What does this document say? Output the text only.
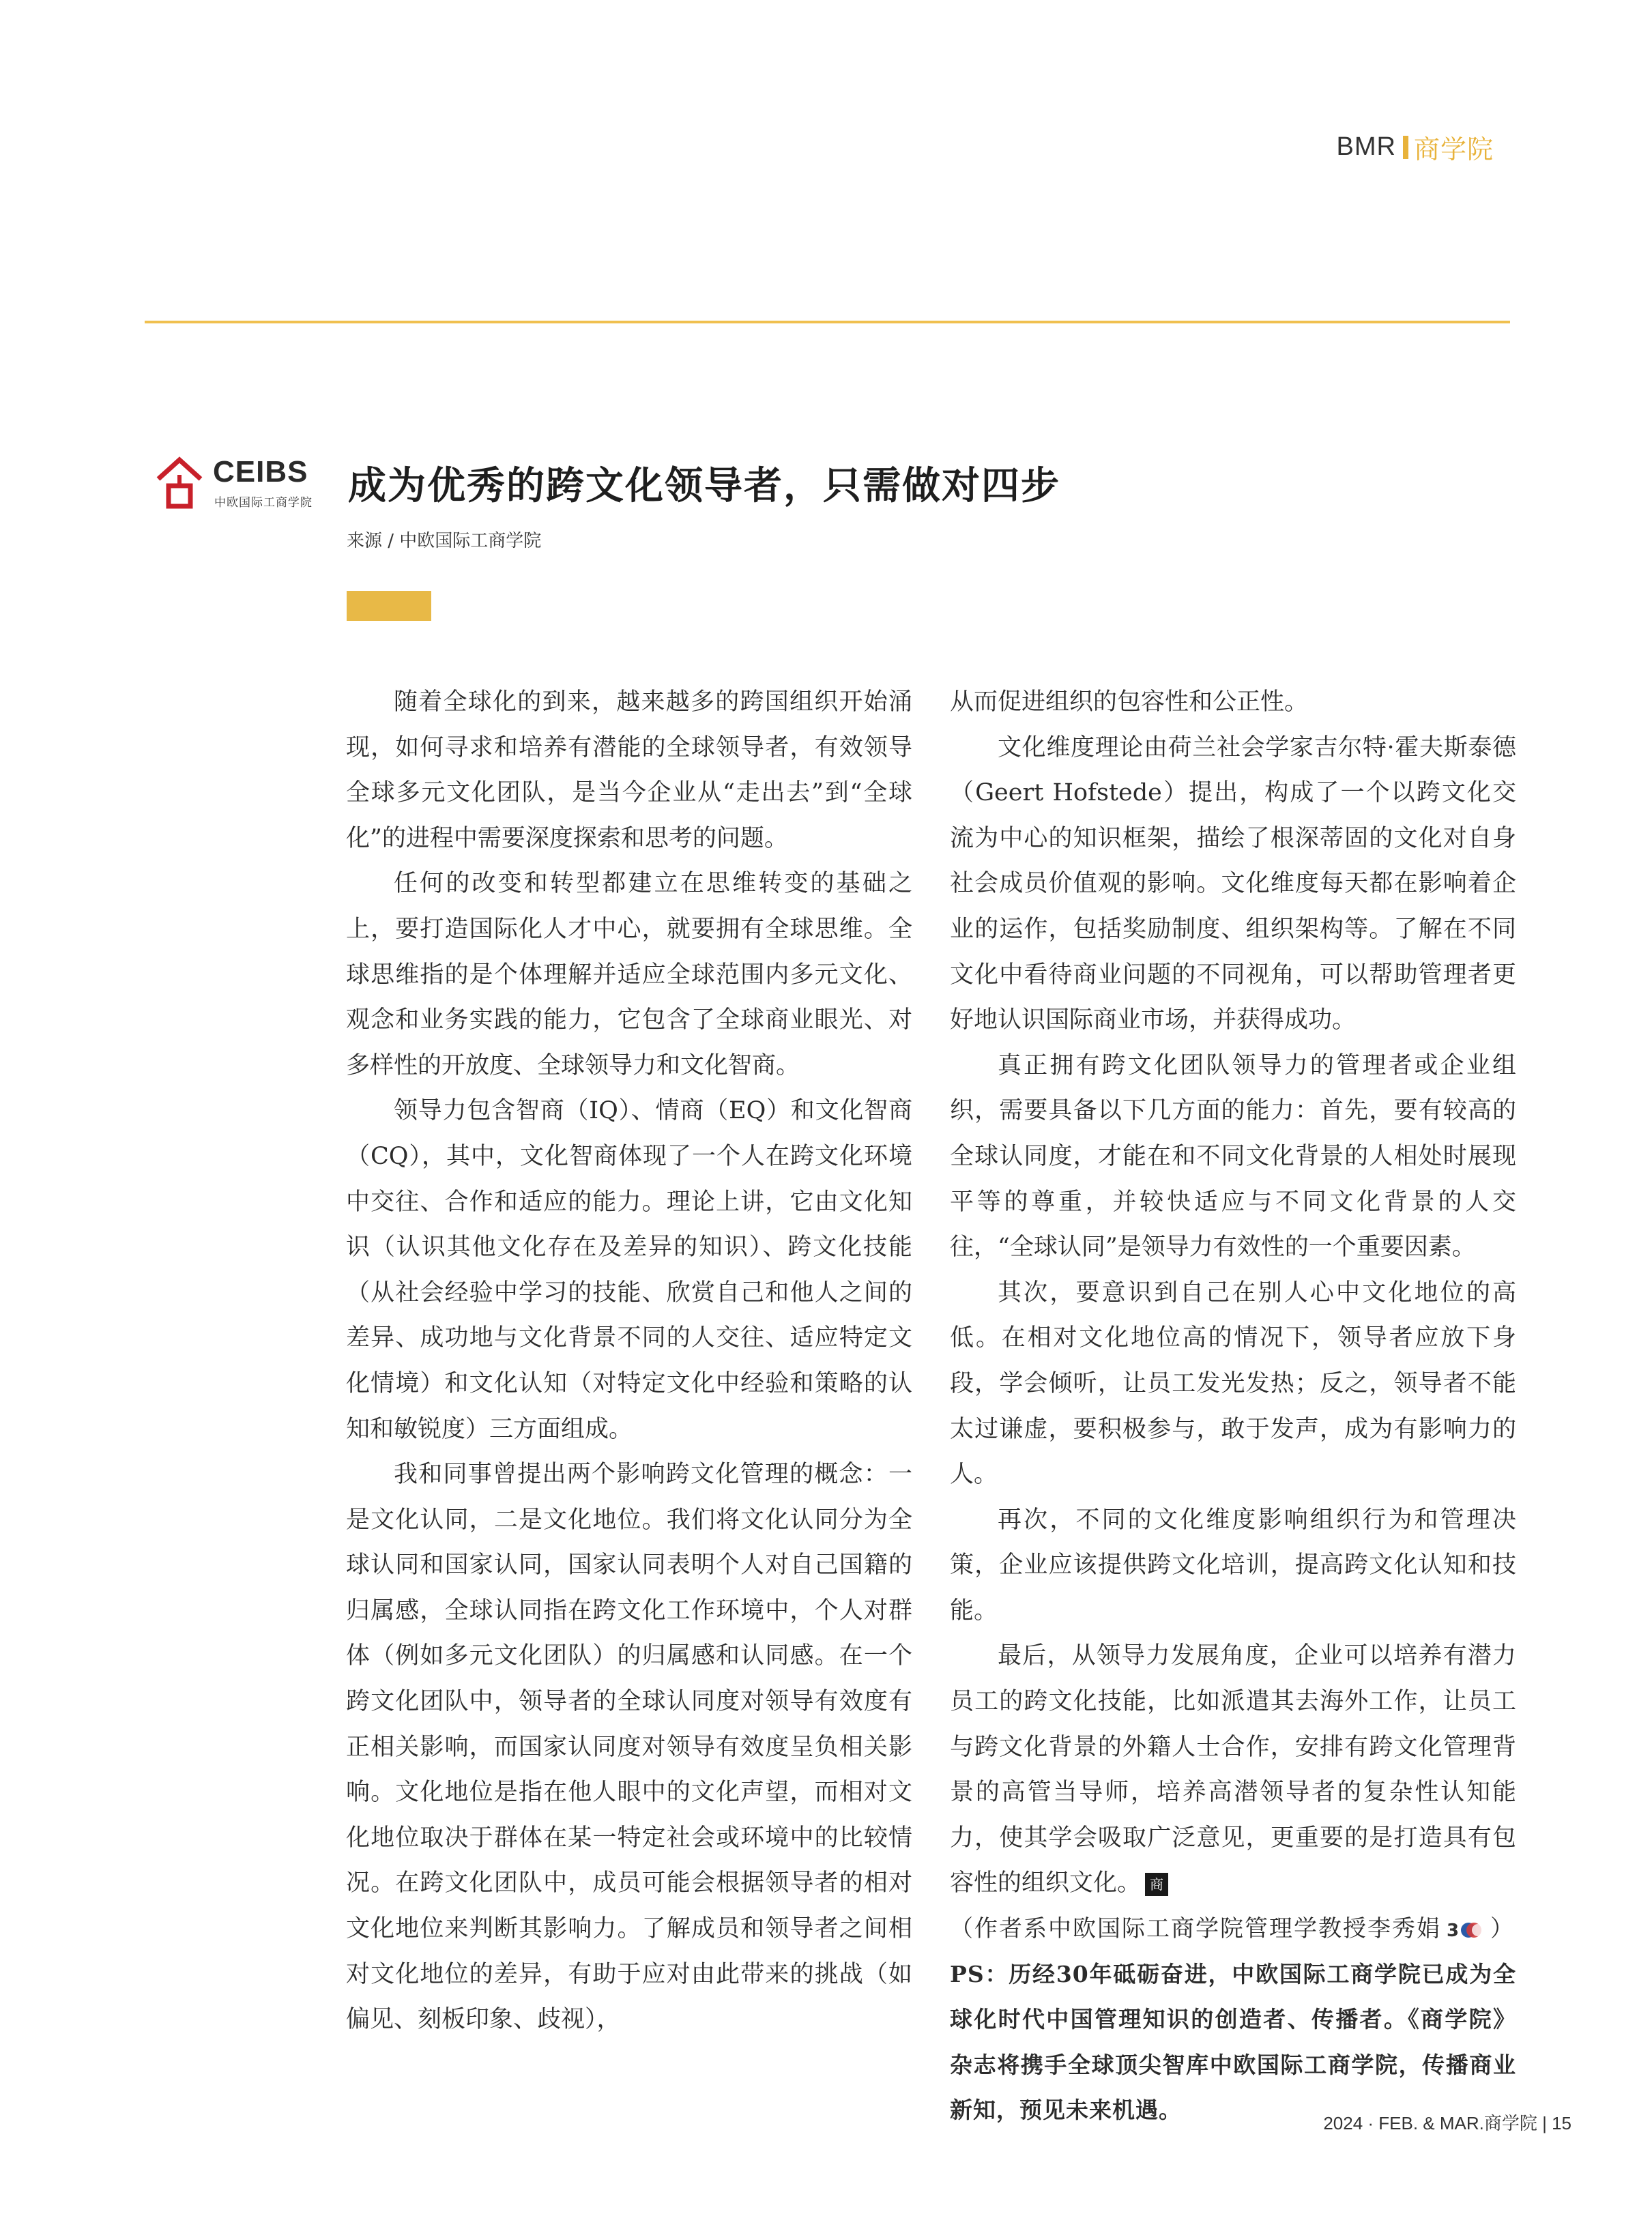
BMR 商学院
CEIBS
中欧国际工商学院 成为优秀的跨文化领导者，只需做对四步
来源 / 中欧国际工商学院

随着全球化的到来，越来越多的跨国组织开始涌现，如何寻求和培养有潜能的全球领导者，有效领导全球多元文化团队，是当今企业从“走出去”到“全球化”的进程中需要深度探索和思考的问题。

任何的改变和转型都建立在思维转变的基础之上，要打造国际化人才中心，就要拥有全球思维。全球思维指的是个体理解并适应全球范围内多元文化、观念和业务实践的能力，它包含了全球商业眼光、对多样性的开放度、全球领导力和文化智商。

领导力包含智商（IQ）、情商（EQ）和文化智商（CQ），其中，文化智商体现了一个人在跨文化环境中交往、合作和适应的能力。理论上讲，它由文化知识（认识其他文化存在及差异的知识）、跨文化技能（从社会经验中学习的技能、欣赏自己和他人之间的差异、成功地与文化背景不同的人交往、适应特定文化情境）和文化认知（对特定文化中经验和策略的认知和敏锐度）三方面组成。

我和同事曾提出两个影响跨文化管理的概念：一是文化认同，二是文化地位。我们将文化认同分为全球认同和国家认同，国家认同表明个人对自己国籍的归属感，全球认同指在跨文化工作环境中，个人对群体（例如多元文化团队）的归属感和认同感。在一个跨文化团队中，领导者的全球认同度对领导有效度有正相关影响，而国家认同度对领导有效度呈负相关影响。文化地位是指在他人眼中的文化声望，而相对文化地位取决于群体在某一特定社会或环境中的比较情况。在跨文化团队中，成员可能会根据领导者的相对文化地位来判断其影响力。了解成员和领导者之间相对文化地位的差异，有助于应对由此带来的挑战（如偏见、刻板印象、歧视），

从而促进组织的包容性和公正性。

文化维度理论由荷兰社会学家吉尔特·霍夫斯泰德（Geert Hofstede）提出，构成了一个以跨文化交流为中心的知识框架，描绘了根深蒂固的文化对自身社会成员价值观的影响。文化维度每天都在影响着企业的运作，包括奖励制度、组织架构等。了解在不同文化中看待商业问题的不同视角，可以帮助管理者更好地认识国际商业市场，并获得成功。

真正拥有跨文化团队领导力的管理者或企业组织，需要具备以下几方面的能力：首先，要有较高的全球认同度，才能在和不同文化背景的人相处时展现平等的尊重，并较快适应与不同文化背景的人交往，“全球认同”是领导力有效性的一个重要因素。

其次，要意识到自己在别人心中文化地位的高低。在相对文化地位高的情况下，领导者应放下身段，学会倾听，让员工发光发热；反之，领导者不能太过谦虚，要积极参与，敢于发声，成为有影响力的人。

再次，不同的文化维度影响组织行为和管理决策，企业应该提供跨文化培训，提高跨文化认知和技能。

最后，从领导力发展角度，企业可以培养有潜力员工的跨文化技能，比如派遣其去海外工作，让员工与跨文化背景的外籍人士合作，安排有跨文化管理背景的高管当导师，培养高潜领导者的复杂性认知能力，使其学会吸取广泛意见，更重要的是打造具有包容性的组织文化。 商

（作者系中欧国际工商学院管理学教授李秀娟 3 ）

PS：历经30年砥砺奋进，中欧国际工商学院已成为全球化时代中国管理知识的创造者、传播者。《商学院》杂志将携手全球顶尖智库中欧国际工商学院，传播商业新知，预见未来机遇。	2024 · FEB. & MAR.商学院 | 15
